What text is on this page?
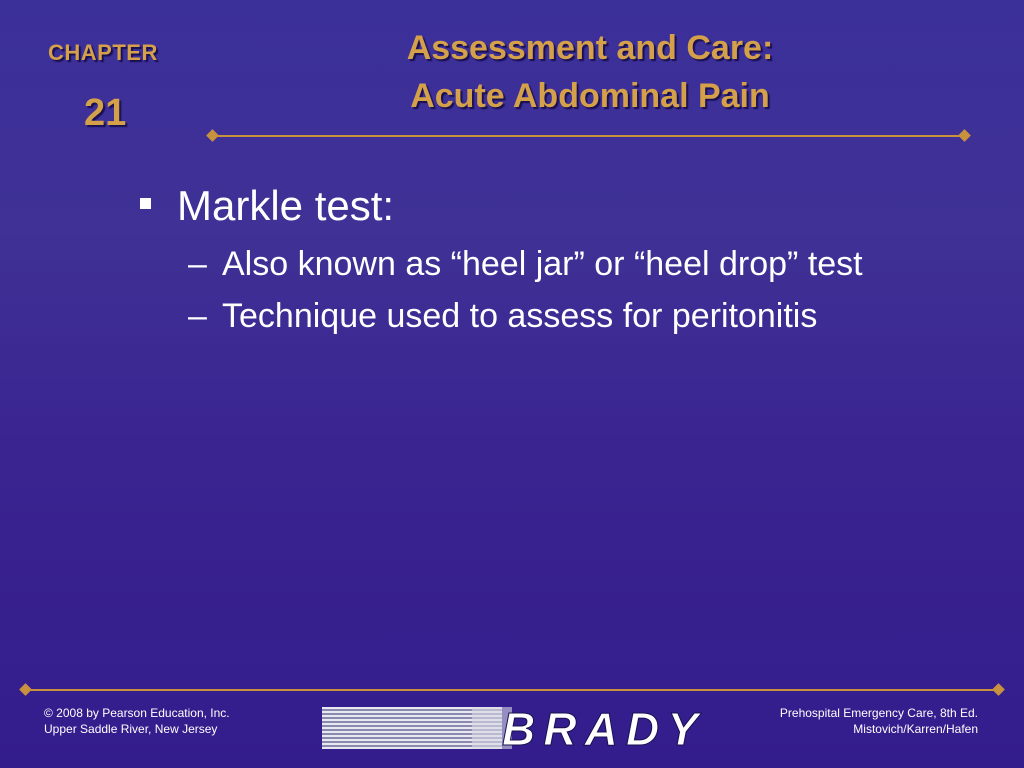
CHAPTER
21
Assessment and Care:
Acute Abdominal Pain
Markle test:
– Also known as “heel jar” or “heel drop” test
– Technique used to assess for peritonitis
© 2008 by Pearson Education, Inc.
Upper Saddle River, New Jersey	BRADY	Prehospital Emergency Care, 8th Ed.
Mistovich/Karren/Hafen
